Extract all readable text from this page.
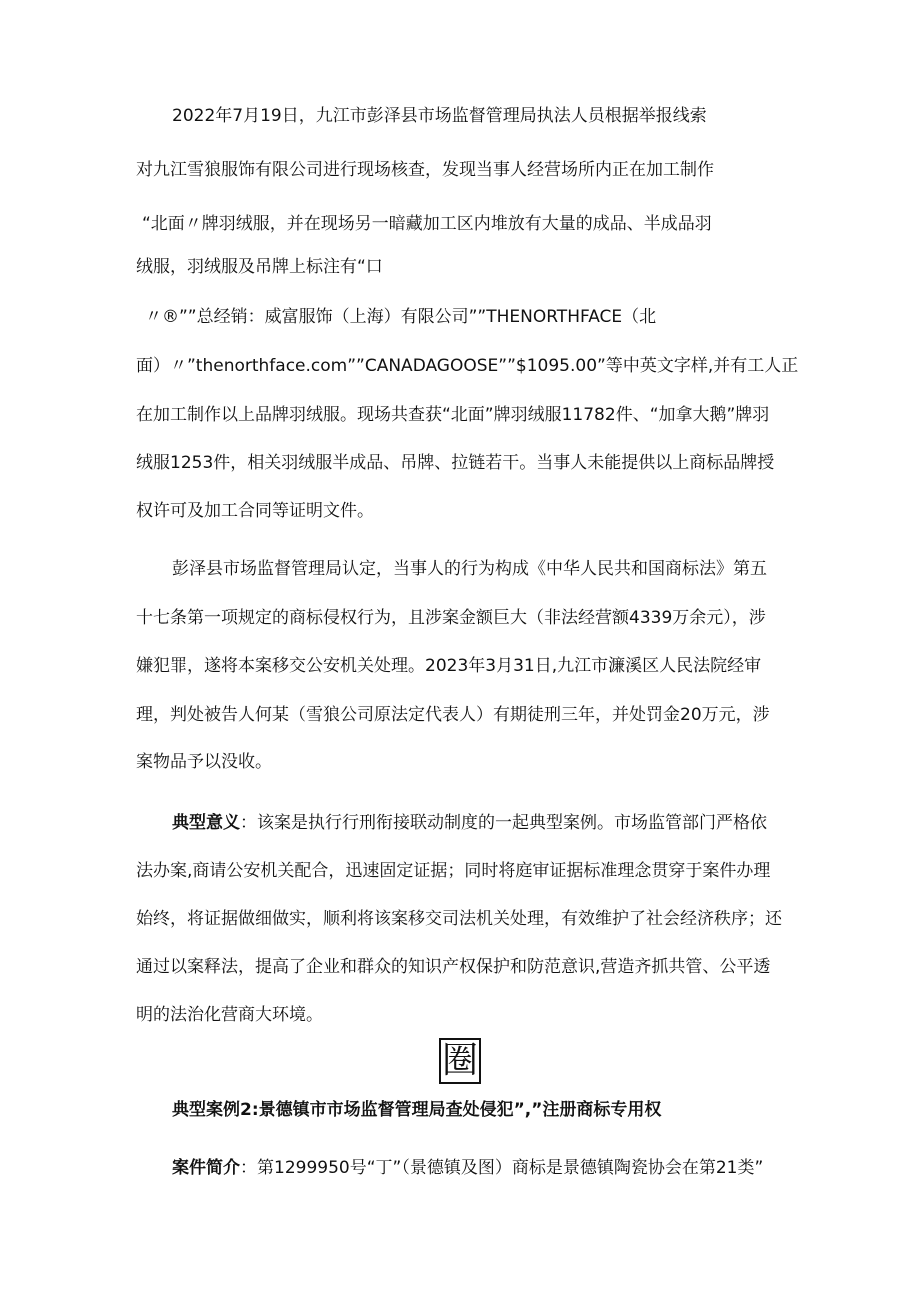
2022年7月19日，九江市彭泽县市场监督管理局执法人员根据举报线索
对九江雪狼服饰有限公司进行现场核查，发现当事人经营场所内正在加工制作
“北面〃牌羽绒服，并在现场另一暗藏加工区内堆放有大量的成品、半成品羽
绒服，羽绒服及吊牌上标注有“口
〃®””总经销：威富服饰（上海）有限公司””THENORTHFACE（北
面）〃”thenorthface.com””CANADAGOOSE””$1095.00”等中英文字样,并有工人正
在加工制作以上品牌羽绒服。现场共查获“北面”牌羽绒服11782件、“加拿大鹅”牌羽
绒服1253件，相关羽绒服半成品、吊牌、拉链若干。当事人未能提供以上商标品牌授
权许可及加工合同等证明文件。
彭泽县市场监督管理局认定，当事人的行为构成《中华人民共和国商标法》第五
十七条第一项规定的商标侵权行为，且涉案金额巨大（非法经营额4339万余元），涉
嫌犯罪，遂将本案移交公安机关处理。2023年3月31日,九江市濂溪区人民法院经审
理，判处被告人何某（雪狼公司原法定代表人）有期徒刑三年，并处罚金20万元，涉
案物品予以没收。
典型意义：该案是执行行刑衔接联动制度的一起典型案例。市场监管部门严格依
法办案,商请公安机关配合，迅速固定证据；同时将庭审证据标准理念贯穿于案件办理
始终，将证据做细做实，顺利将该案移交司法机关处理，有效维护了社会经济秩序；还
通过以案释法，提高了企业和群众的知识产权保护和防范意识,营造齐抓共管、公平透
明的法治化营商大环境。
圈
典型案例2:景德镇市市场监督管理局查处侵犯”,”注册商标专用权
案件简介：第1299950号“丁”（景德镇及图）商标是景德镇陶瓷协会在第21类”
